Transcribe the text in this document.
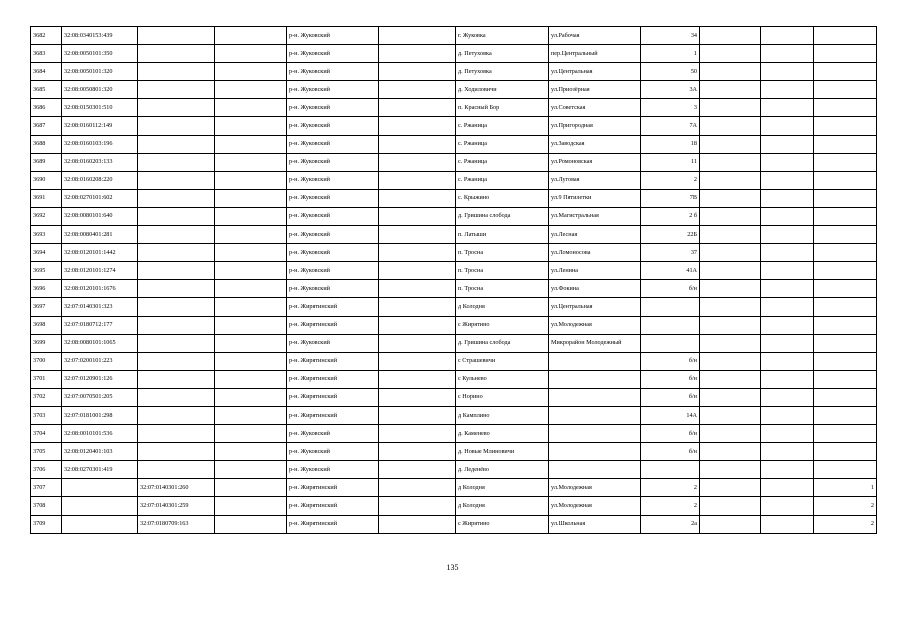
3682	32:08:0340153:439			р-н. Жуковский		г. Жуковка	ул.Рабочая	34			
3683	32:08:0050101:350			р-н. Жуковский		д. Петуховка	пер.Центральный	1			
3684	32:08:0050101:320			р-н. Жуковский		д. Петуховка	ул.Центральная	50			
3685	32:08:0050801:320			р-н. Жуковский		д. Ходиловичи	ул.Приозёрная	3А			
3686	32:08:0150301:510			р-н. Жуковский		п. Красный Бор	ул.Советская	3			
3687	32:08:0160112:149			р-н. Жуковский		с. Ржаница	ул.Пригородная	7А			
3688	32:08:0160103:196			р-н. Жуковский		с. Ржаница	ул.Заводская	18			
3689	32:08:0160203:133			р-н. Жуковский		с. Ржаница	ул.Ромоновская	11			
3690	32:08:0160208:220			р-н. Жуковский		с. Ржаница	ул.Луговая	2			
3691	32:08:0270101:602			р-н. Жуковский		с. Крыжино	ул.9 Пятилетки	7В			
3692	32:08:0080101:640			р-н. Жуковский		д. Гришина слобода	ул.Магистральная	2 б			
3693	32:08:0080401:281			р-н. Жуковский		п. Латыши	ул.Лесная	22Б			
3694	32:08:0120101:1442			р-н. Жуковский		п. Тросна	ул.Ломоносова	37			
3695	32:08:0120101:1274			р-н. Жуковский		п. Тросна	ул.Ленина	41А			
3696	32:08:0120101:1676			р-н. Жуковский		п. Тросна	ул.Фокина	б/н			
3697	32:07:0140301:323			р-н. Жирятинский		д Колодня	ул.Центральная				
3698	32:07:0180712:177			р-н. Жирятинский		с Жирятино	ул.Молодежная				
3699	32:08:0080101:1065			р-н. Жуковский		д. Гришина слобода	Микрорайон Молодежный				
3700	32:07:0200101:223			р-н. Жирятинский		с Страшевичи		б/н			
3701	32:07:0120901:126			р-н. Жирятинский		с Кульнево		б/н			
3702	32:07:0070501:205			р-н. Жирятинский		с Норино		б/н			
3703	32:07:0181001:298			р-н. Жирятинский		д Камплино		14А			
3704	32:08:0010101:536			р-н. Жуковский		д. Каменево		б/н			
3705	32:08:0120401:103			р-н. Жуковский		д. Новые Млиновичи		б/н			
3706	32:08:0270301:419			р-н. Жуковский		д. Леденёво					
3707		32:07:0140301:260		р-н. Жирятинский		д Колодня	ул.Молодежная	2			1
3708		32:07:0140301:259		р-н. Жирятинский		д Колодня	ул.Молодежная	2			2
3709		32:07:0180709:163		р-н. Жирятинский		с Жирятино	ул.Школьная	2а			2
135
